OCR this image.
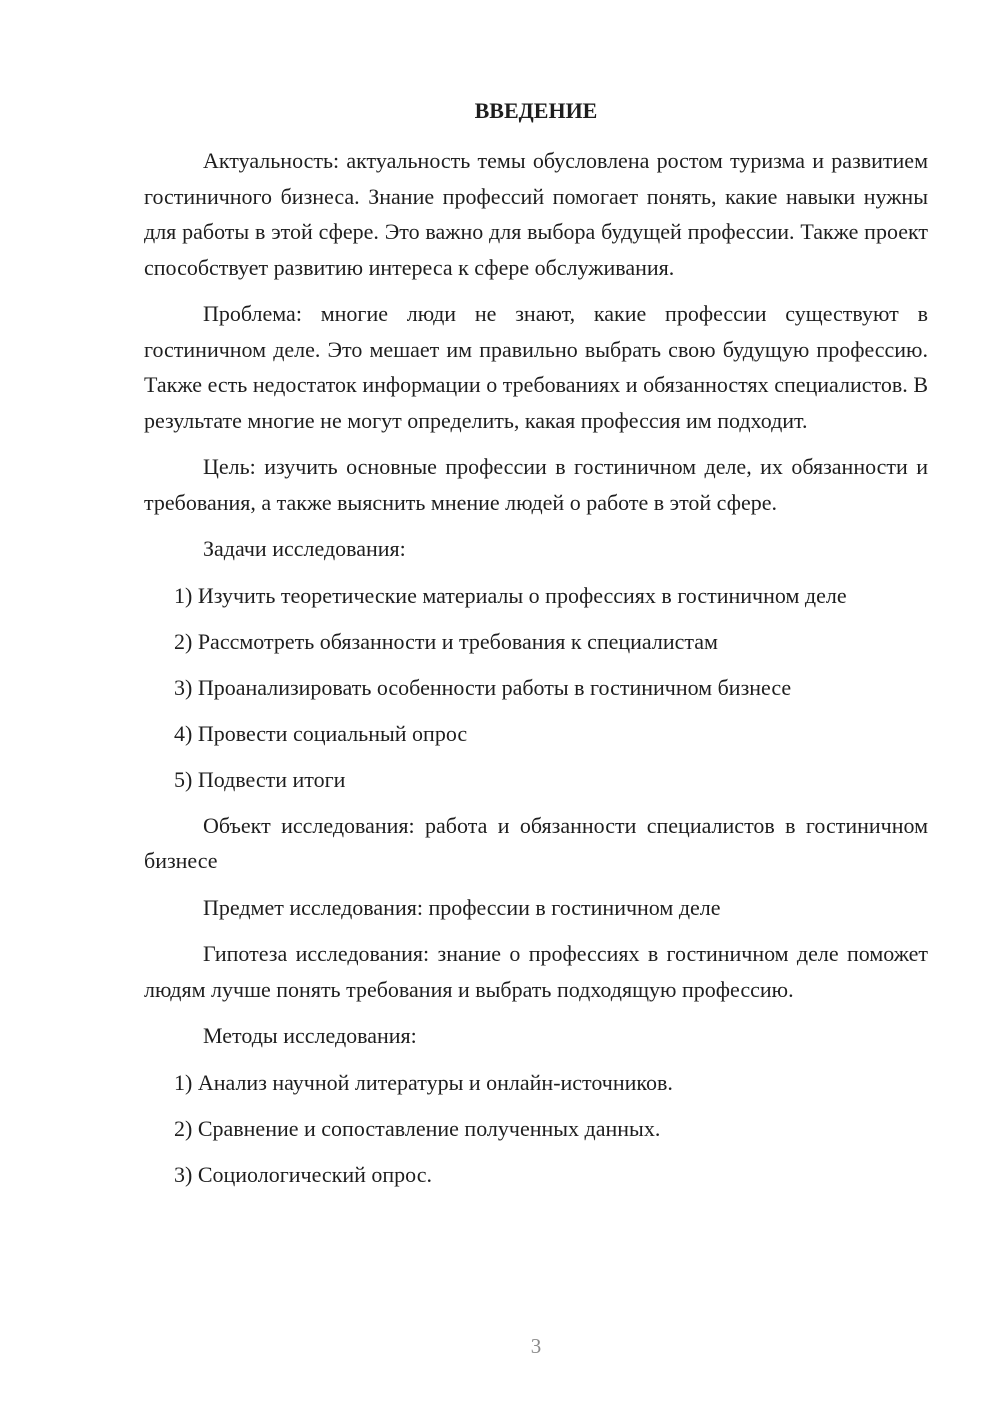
ВВЕДЕНИЕ

Актуальность: актуальность темы обусловлена ростом туризма и развитием гостиничного бизнеса. Знание профессий помогает понять, какие навыки нужны для работы в этой сфере. Это важно для выбора будущей профессии. Также проект способствует развитию интереса к сфере обслуживания.

Проблема: многие люди не знают, какие профессии существуют в гостиничном деле. Это мешает им правильно выбрать свою будущую профессию. Также есть недостаток информации о требованиях и обязанностях специалистов. В результате многие не могут определить, какая профессия им подходит.

Цель: изучить основные профессии в гостиничном деле, их обязанности и требования, а также выяснить мнение людей о работе в этой сфере.

Задачи исследования:

1) Изучить теоретические материалы о профессиях в гостиничном деле
2) Рассмотреть обязанности и требования к специалистам
3) Проанализировать особенности работы в гостиничном бизнесе
4) Провести социальный опрос
5) Подвести итоги

Объект исследования: работа и обязанности специалистов в гостиничном бизнесе

Предмет исследования: профессии в гостиничном деле

Гипотеза исследования: знание о профессиях в гостиничном деле поможет людям лучше понять требования и выбрать подходящую профессию.

Методы исследования:

1) Анализ научной литературы и онлайн-источников.
2) Сравнение и сопоставление полученных данных.
3) Социологический опрос.
3
